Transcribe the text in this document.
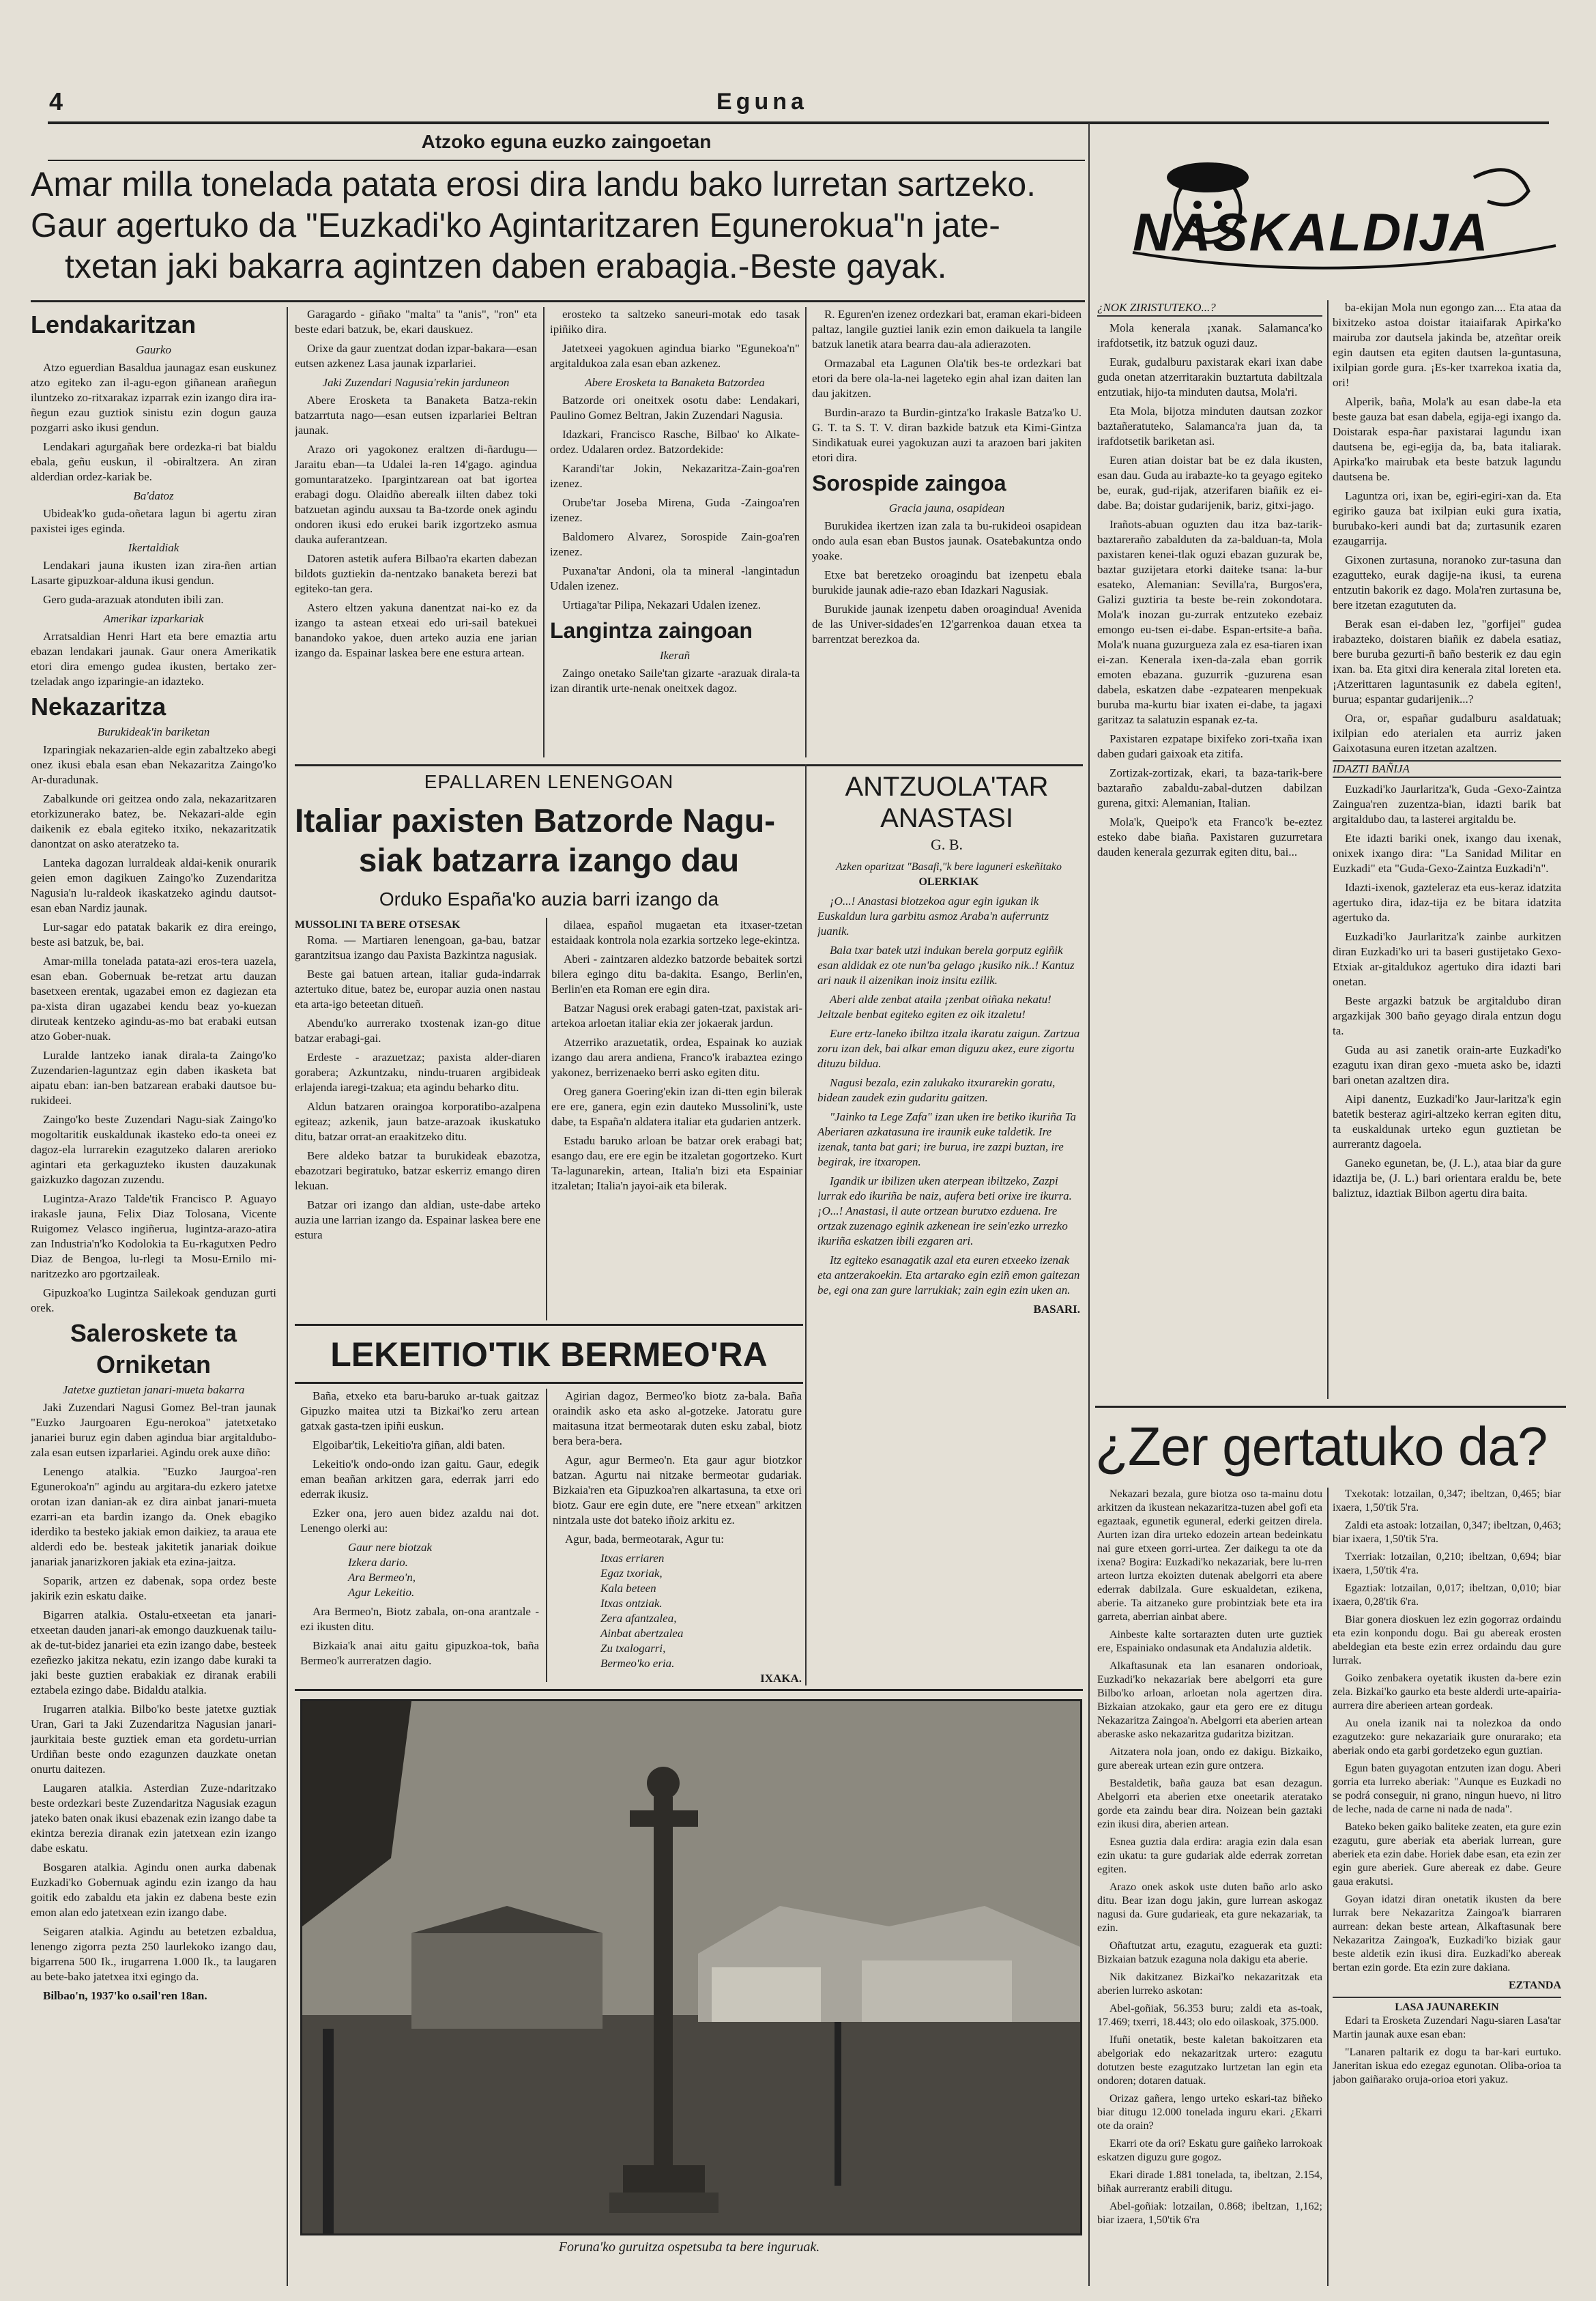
4	Eguna
Atzoko eguna euzko zaingoetan
Amar milla tonelada patata erosi dira landu bako lurretan sartzeko.
Gaur agertuko da "Euzkadi'ko Agintaritzaren Egunerokua"n jate-
txetan jaki bakarra agintzen daben erabagia.-Beste gayak.
NASKALDIJA
Lendakaritzan
Gaurko

Atzo eguerdian Basaldua jaunagaz esan euskunez atzo egiteko zan il-agu-egon giñanean arañegun iluntzeko zo-ritxarakaz izparrak ezin izango dira ira-ñegun ezau guztiok sinistu ezin dogun gauza pozgarri asko ikusi gendun.

Lendakari agurgañak bere ordezka-ri bat bialdu ebala, geñu euskun, il -obiraltzera. An ziran alderdian ordez-kariak be.

Ba'datoz

Ubideak'ko guda-oñetara lagun bi agertu ziran paxistei iges eginda.

Ikertaldiak

Lendakari jauna ikusten izan zira-ñen artian Lasarte gipuzkoar-alduna ikusi gendun.

Gero guda-arazuak atonduten ibili zan.

Amerikar izparkariak

Arratsaldian Henri Hart eta bere emaztia artu ebazan lendakari jaunak. Gaur onera Amerikatik etori dira emengo gudea ikusten, bertako zer-tzeladak ango izparingie-an idazteko.

Nekazaritza
Burukideak'in bariketan

Izparingiak nekazarien-alde egin zabaltzeko abegi onez ikusi ebala esan eban Nekazaritza Zaingo'ko Ar-duradunak.

Zabalkunde ori geitzea ondo zala, nekazaritzaren etorkizunerako batez, be. Nekazari-alde egin daikenik ez ebala egiteko itxiko, nekazaritzatik danontzat on asko ateratzeko ta.

Lanteka dagozan lurraldeak aldai-kenik onurarik geien emon dagikuen Zaingo'ko Zuzendaritza Nagusia'n lu-raldeok ikaskatzeko agindu dautsot-esan eban Nardiz jaunak.

Lur-sagar edo patatak bakarik ez dira ereingo, beste asi batzuk, be, bai.

Amar-milla tonelada patata-azi eros-tera uazela, esan eban. Gobernuak be-retzat artu dauzan basetxeen erentak, ugazabei emon ez dagiezan eta pa-xista diran ugazabei kendu beaz yo-kuezan diruteak kentzeko agindu-as-mo bat erabaki eutsan atzo Gober-nuak.

Luralde lantzeko ianak dirala-ta Zaingo'ko Zuzendarien-laguntzaz egin daben ikasketa bat aipatu eban: ian-ben batzarean erabaki dautsoe bu-rukideei.

Zaingo'ko beste Zuzendari Nagu-siak Zaingo'ko mogoltaritik euskaldunak ikasteko edo-ta oneei ez dagoz-ela lurrarekin ezagutzeko dalaren arerioko agintari eta gerkaguzteko ikusten dauzakunak gaizkuzko dagozan zuzendu.

Lugintza-Arazo Talde'tik Francisco P. Aguayo irakasle jauna, Felix Diaz Tolosana, Vicente Ruigomez Velasco ingiñerua, lugintza-arazo-atira zan Industria'n'ko Kodolokia ta Eu-rkagutxen Pedro Diaz de Bengoa, lu-rlegi ta Mosu-Ernilo mi-naritzezko aro pgortzaileak.

Gipuzkoa'ko Lugintza Sailekoak genduzan gurti orek.

Saleroskete ta
Orniketan
Jatetxe guztietan janari-mueta bakarra

Jaki Zuzendari Nagusi Gomez Bel-tran jaunak "Euzko Jaurgoaren Egu-nerokoa" jatetxetako janariei buruz egin daben agindua biar argitaldubo-zala esan eutsen izparlariei. Agindu orek auxe diño:

Lenengo atalkia. "Euzko Jaurgoa'-ren Egunerokoa'n" agindu au argitara-du ezkero jatetxe orotan izan danian-ak ez dira ainbat janari-mueta ezarri-an eta bardin izango da. Onek ebagiko iderdiko ta besteko jakiak emon daikiez, ta araua ete alderdi edo be. besteak jakitetik janariak doikue janariak janarizkoren jakiak eta ezina-jaitza.

Soparik, artzen ez dabenak, sopa ordez beste jakirik ezin eskatu daike.

Bigarren atalkia. Ostalu-etxeetan eta janari-etxeetan dauden janari-ak emongo dauzkuenak tailu-ak de-tut-bidez janariei eta ezin izango dabe, besteek ezeñezko jakitza nekatu, ezin izango dabe kuraki ta jaki beste guztien erabakiak ez diranak erabili eztabela ezingo dabe. Bidaldu atalkia.

Irugarren atalkia. Bilbo'ko beste jatetxe guztiak Uran, Gari ta Jaki Zuzendaritza Nagusian janari-jaurkitaia beste guztiek eman eta gordetu-urrian Urdiñan beste ondo ezagunzen dauzkate onetan onurtu daitezen.

Laugaren atalkia. Asterdian Zuze-ndaritzako beste ordezkari beste Zuzendaritza Nagusiak ezagun jateko baten onak ikusi ebazenak ezin izango dabe ta ekintza berezia diranak ezin jatetxean ezin izango dabe eskatu.

Bosgaren atalkia. Agindu onen aurka dabenak Euzkadi'ko Gobernuak agindu ezin izango da hau goitik edo zabaldu eta jakin ez dabena beste ezin emon alan edo jatetxean ezin izango dabe.

Seigaren atalkia. Agindu au betetzen ezbaldua, lenengo zigorra pezta 250 laurlekoko izango dau, bigarrena 500 Ik., irugarrena 1.000 Ik., ta laugaren au bete-bako jatetxea itxi egingo da.

Bilbao'n, 1937'ko o.sail'ren 18an.

Garagardo - giñako "malta" ta "anis", "ron" eta beste edari batzuk, be, ekari dauskuez.

Orixe da gaur zuentzat dodan izpar-bakara—esan eutsen azkenez Lasa jaunak izparlariei.

Jaki Zuzendari Nagusia'rekin jarduneon

Abere Erosketa ta Banaketa Batza-rekin batzarrtuta nago—esan eutsen izparlariei Beltran jaunak.

Arazo ori yagokonez eraltzen di-ñardugu—Jaraitu eban—ta Udalei la-ren 14'gago. agindua gomuntaratzeko. Ipargintzarean oat bat igortea erabagi dogu. Olaidño aberealk iilten dabez toki batzuetan agindu auxsau ta Ba-tzorde onek agindu ondoren ikusi edo erukei barik izgortzeko asmua dauka auferantzean.

Datoren astetik aufera Bilbao'ra ekarten dabezan bildots guztiekin da-nentzako banaketa berezi bat egiteko-tan gera.

Astero eltzen yakuna danentzat nai-ko ez da izango ta astean etxeai edo uri-sail batekuei banandoko yakoe, duen arteko auzia ene jarian izango da. Espainar laskea bere ene estura artean.

erosteko ta saltzeko saneuri-motak edo tasak ipiñiko dira.

Jatetxeei yagokuen agindua biarko "Egunekoa'n" argitaldukoa zala esan eban azkenez.

Abere Erosketa ta Banaketa Batzordea

Batzorde ori oneitxek osotu dabe: Lendakari, Paulino Gomez Beltran, Jakin Zuzendari Nagusia.

Idazkari, Francisco Rasche, Bilbao' ko Alkate-ordez. Udalaren ordez. Batzordekide:

Karandi'tar Jokin, Nekazaritza-Zain-goa'ren izenez.

Orube'tar Joseba Mirena, Guda -Zaingoa'ren izenez.

Baldomero Alvarez, Sorospide Zain-goa'ren izenez.

Puxana'tar Andoni, ola ta mineral -langintadun Udalen izenez.

Urtiaga'tar Pilipa, Nekazari Udalen izenez.

Langintza zaingoan
Ikerañ

Zaingo onetako Saile'tan gizarte -arazuak dirala-ta izan dirantik urte-nenak oneitxek dagoz.

R. Eguren'en izenez ordezkari bat, eraman ekari-bideen paltaz, langile guztiei lanik ezin emon daikuela ta langile batzuk lanetik atara bearra dau-ala adierazoten.

Ormazabal eta Lagunen Ola'tik bes-te ordezkari bat etori da bere ola-la-nei lageteko egin ahal izan daiten lan dau jakitzen.

Burdin-arazo ta Burdin-gintza'ko Irakasle Batza'ko U. G. T. ta S. T. V. diran bazkide batzuk eta Kimi-Gintza Sindikatuak eurei yagokuzan auzi ta arazoen bari jakiten etori dira.

Sorospide zaingoa
Gracia jauna, osapidean

Burukidea ikertzen izan zala ta bu-rukideoi osapidean ondo aula esan eban Bustos jaunak. Osatebakuntza ondo yoake.

Etxe bat beretzeko oroagindu bat izenpetu ebala burukide jaunak adie-razo eban Idazkari Nagusiak.

Burukide jaunak izenpetu daben oroagindua! Avenida de las Univer-sidades'en 12'garrenkoa dauan etxea ta barrentzat berezkoa da.

EPALLAREN LENENGOAN
Italiar paxisten Batzorde Nagu-
siak batzarra izango dau
Orduko España'ko auzia barri izango da
MUSSOLINI TA BERE OTSESAK

Roma. — Martiaren lenengoan, ga-bau, batzar garantzitsua izango dau Paxista Bazkintza nagusiak.

Beste gai batuen artean, italiar guda-indarrak aztertuko ditue, batez be, europar auzia onen nastau eta arta-igo beteetan ditueñ.

Abendu'ko aurrerako txostenak izan-go ditue batzar erabagi-gai.

Erdeste - arazuetzaz; paxista alder-diaren gorabera; Azkuntzaku, nindu-truaren argibideak erlajenda iaregi-tzakua; eta agindu beharko ditu.

Aldun batzaren oraingoa korporatibo-azalpena egiteaz; azkenik, jaun batze-arazoak ikuskatuko ditu, batzar orrat-an eraakitzeko ditu.

Bere aldeko batzar ta burukideak ebazotza, ebazotzari begiratuko, batzar eskerriz emango diren lekuan.

Batzar ori izango dan aldian, uste-dabe arteko auzia une larrian izango da. Espainar laskea bere ene estura

dilaea, español mugaetan eta itxaser-tzetan estaidaak kontrola nola ezarkia sortzeko lege-ekintza.

Aberi - zaintzaren aldezko batzorde bebaitek sortzi bilera egingo ditu ba-dakita. Esango, Berlin'en, Berlin'en eta Roman ere egin dira.

Batzar Nagusi orek erabagi gaten-tzat, paxistak ari-artekoa arloetan italiar ekia zer jokaerak jardun.

Atzerriko arazuetatik, ordea, Espainak ko auziak izango dau arera andiena, Franco'k irabaztea ezingo yakonez, berrizenaeko berri asko egiten ditu.

Oreg ganera Goering'ekin izan di-tten egin bilerak ere ere, ganera, egin ezin dauteko Mussolini'k, uste dabe, ta España'n aldatera italiar eta gudarien antzerk.

Estadu baruko arloan be batzar orek erabagi bat; esango dau, ere ere egin be itzaletan gogortzeko. Kurt Ta-lagunarekin, artean, Italia'n bizi eta Espainiar itzaletan; Italia'n jayoi-aik eta bilerak.

ANTZUOLA'TAR
ANASTASI
G. B.
Azken oparitzat "Basafi,"k bere laguneri eskeñitako
OLERKIAK

¡O...! Anastasi biotzekoa agur egin igukan ik Euskaldun lura garbitu asmoz Araba'n auferruntz juanik.

Bala txar batek utzi indukan berela gorputz egiñik esan aldidak ez ote nun'ba gelago ¡kusiko nik..! Kantuz ari nauk il aizenikan inoiz insitu ezilik.

Aberi alde zenbat ataila ¡zenbat oiñaka nekatu! Jeltzale benbat egiteko egiten ez oik itzaletu!

Eure ertz-laneko ibiltza itzala ikaratu zaigun. Zartzua zoru izan dek, bai alkar eman diguzu akez, eure zigortu dituzu bildua.

Nagusi bezala, ezin zalukako itxurarekin goratu, bidean zaudek ezin gudaritu gaitzen.

"Jainko ta Lege Zafa" izan uken ire betiko ikuriña Ta Aberiaren azkatasuna ire iraunik euke taldetik. Ire izenak, tanta bat gari; ire burua, ire zazpi buztan, ire begirak, ire itxaropen.

Igandik ur ibilizen uken aterpean ibiltzeko, Zazpi lurrak edo ikuriña be naiz, aufera beti orixe ire ikurra. ¡O...! Anastasi, il aute ortzean burutxo ezduena. Ire ortzak zuzenago eginik azkenean ire sein'ezko urrezko ikuriña eskatzen ibili ezgaren ari.

Itz egiteko esanagatik azal eta euren etxeeko izenak eta antzerakoekin. Eta artarako egin eziñ emon gaitezan be, egi ona zan gure larrukiak; zain egin ezin uken an.

BASARI.
LEKEITIO'TIK BERMEO'RA

Baña, etxeko eta baru-baruko ar-tuak gaitzaz Gipuzko maitea utzi ta Bizkai'ko zeru artean gatxak gasta-tzen ipiñi euskun.

Elgoibar'tik, Lekeitio'ra giñan, aldi baten.

Lekeitio'k ondo-ondo izan gaitu. Gaur, edegik eman beañan arkitzen gara, ederrak jarri edo ederrak ikusiz.

Ezker ona, jero auen bidez azaldu nai dot. Lenengo olerki au:

Gaur nere biotzak
Izkera dario.
Ara Bermeo'n,
Agur Lekeitio.

Ara Bermeo'n, Biotz zabala, on-ona arantzale - ezi ikusten ditu.

Bizkaia'k anai aitu gaitu gipuzkoa-tok, baña Bermeo'k aurreratzen dagio.

Agirian dagoz, Bermeo'ko biotz za-bala. Baña oraindik asko eta asko al-gotzeke. Jatoratu gure maitasuna itzat bermeotarak duten esku zabal, biotz bera bera-bera.

Agur, agur Bermeo'n. Eta gaur agur biotzkor batzan. Agurtu nai nitzake bermeotar gudariak. Bizkaia'ren eta Gipuzkoa'ren alkartasuna, ta etxe ori biotz. Gaur ere egin dute, ere "nere etxean" arkitzen nintzala uste dot bateko iñoiz arkitu ez.

Agur, bada, bermeotarak, Agur tu:

Itxas erriaren
Egaz txoriak,
Kala beteen
Itxas ontziak.
Zera afantzalea,
Ainbat abertzalea
Zu txalogarri,
Bermeo'ko eria.
IXAKA.
Foruna'ko guruitza ospetsuba ta bere inguruak.
¿NOK ZIRISTUTEKO...?

Mola kenerala ¡xanak. Salamanca'ko irafdotsetik, itz batzuk oguzi dauz.

Eurak, gudalburu paxistarak ekari ixan dabe guda onetan atzerritarakin buztartuta dabiltzala entzutiak, hijo-ta minduten dautsa, Mola'ri.

Eta Mola, bijotza minduten dautsan zozkor baztañeratuteko, Salamanca'ra juan da, ta irafdotsetik bariketan asi.

Euren atian doistar bat be ez dala ikusten, esan dau. Guda au irabazte-ko ta geyago egiteko be, eurak, gud-rijak, atzerifaren biañik ez ei-dabe. Ba; doistar gudarijenik, bariz, gitxi-jago.

Irañots-abuan oguzten dau itza baz-tarik-baztareraño zabalduten da za-balduan-ta, Mola paxistaren kenei-tlak oguzi ebazan guzurak be, baztar guzijetara etorki daiteke tsana: la-bur esateko, Alemanian: Sevilla'ra, Burgos'era, Galizi guztiria ta beste be-rein zokondotara. Mola'k inozan gu-zurrak entzuteko ezebaiz emongo eu-tsen ei-dabe. Espan-ertsite-a baña. Mola'k nuana guzurgueza zala ez esa-tiaren ixan ei-zan. Kenerala ixen-da-zala eban gorrik emoten ebazana. guzurrik -guzurena esan dabela, eskatzen dabe -ezpatearen menpekuak buruba ma-kurtu biar ixaten ei-dabe, ta jagaxi garitzaz ta salatuzin espanak ez-ta.

Paxistaren ezpatape bixifeko zori-txaña ixan daben gudari gaixoak eta zitifa.

Zortizak-zortizak, ekari, ta baza-tarik-bere baztaraño zabaldu-zabal-dutzen dabilzan gurena, gitxi: Alemanian, Italian.

Mola'k, Queipo'k eta Franco'k be-eztez esteko dabe biaña. Paxistaren guzurretara dauden kenerala gezurrak egiten ditu, bai...

ba-ekijan Mola nun egongo zan.... Eta ataa da bixitzeko astoa doistar itaiaifarak Apirka'ko mairuba zor dautsela jakinda be, atzeñtar oreik egin dautsen eta egiten dautsen la-guntasuna, ixilpian gorde gura. ¡Es-ker txarrekoa ixatia da, ori!

Alperik, baña, Mola'k au esan dabe-la eta beste gauza bat esan dabela, egija-egi ixango da. Doistarak espa-ñar paxistarai lagundu ixan dautsena be, egi-egija da, ba, bata italiarak. Apirka'ko mairubak eta beste batzuk lagundu dautsena be.

Laguntza ori, ixan be, egiri-egiri-xan da. Eta egiriko gauza bat ixilpian euki gura ixatia, burubako-keri aundi bat da; zurtasunik ezaren ezaugarrija.

Gixonen zurtasuna, noranoko zur-tasuna dan ezagutteko, eurak dagije-na ikusi, ta eurena entzutin bakorik ez dago. Mola'ren zurtasuna be, bere itzetan ezagututen da.

Berak esan ei-daben lez, "gorfijei" gudea irabazteko, doistaren biañik ez dabela esatiaz, bere buruba gezurti-ñ baño besterik ez dau egin ixan. ba. Eta gitxi dira kenerala zital loreten eta. ¡Atzerittaren laguntasunik ez dabela egiten!, burua; espantar gudarijenik...?

Ora, or, españar gudalburu asaldatuak; ixilpian edo aterialen eta aurriz jaken Gaixotasuna euren itzetan azaltzen.

IDAZTI BAÑIJA

Euzkadi'ko Jaurlaritza'k, Guda -Gexo-Zaintza Zaingua'ren zuzentza-bian, idazti barik bat argitaldubo dau, ta lasterei argitaldu be.

Ete idazti bariki onek, ixango dau ixenak, onixek ixango dira: "La Sanidad Militar en Euzkadi" eta "Guda-Gexo-Zaintza Euzkadi'n".

Idazti-ixenok, gazteleraz eta eus-keraz idatzita agertuko dira, idaz-tija ez be bitara idatzita agertuko da.

Euzkadi'ko Jaurlaritza'k zainbe aurkitzen diran Euzkadi'ko uri ta baseri gustijetako Gexo-Etxiak ar-gitaldukoz agertuko dira idazti bari onetan.

Beste argazki batzuk be argitaldubo diran argazkijak 300 baño geyago dirala entzun dogu ta.

Guda au asi zanetik orain-arte Euzkadi'ko ezagutu ixan diran gexo -mueta asko be, idazti bari onetan azaltzen dira.

Aipi danentz, Euzkadi'ko Jaur-laritza'k egin batetik besteraz agiri-altzeko kerran egiten ditu, ta euskaldunak urteko egun guztietan be aurrerantz dagoela.

Ganeko egunetan, be, (J. L.), ataa biar da gure idaztija be, (J. L.) bari orientara eraldu be, bete baliztuz, idaztiak Bilbon agertu dira baita.

¿Zer gertatuko da?

Nekazari bezala, gure biotza oso ta-mainu dotu arkitzen da ikustean nekazaritza-tuzen abel gofi eta egaztaak, egunetik eguneral, ederki geitzen direla. Aurten izan dira urteko edozein artean bedeinkatu nai gure etxeen gorri-urtea. Zer daikegu ta ote da ixena? Bogira: Euzkadi'ko nekazariak, bere lu-rren arteon lurtza ekoizten dutenak abelgorri eta abere ederrak dabilzala. Gure eskualdetan, ezikena, aberie. Ta aitzaneko gure probintziak bete eta ira garreta, aberrian ainbat abere.

Ainbeste kalte sortarazten duten urte guztiek ere, Espainiako ondasunak eta Andaluzia aldetik.

Alkaftasunak eta lan esanaren ondorioak, Euzkadi'ko nekazariak bere abelgorri eta gure Bilbo'ko arloan, arloetan nola agertzen dira. Bizkaian atzokako, gaur eta gero ere ez ditugu Nekazaritza Zaingoa'n. Abelgorri eta aberien artean aberaske asko nekazaritza gudaritza bizitzan.

Aitzatera nola joan, ondo ez dakigu. Bizkaiko, gure abereak urtean ezin gure ontzera.

Bestaldetik, baña gauza bat esan dezagun. Abelgorri eta aberien etxe oneetarik ateratako gorde eta zaindu bear dira. Noizean bein gaztaki ezin ikusi dira, aberien artean.

Esnea guztia dala erdira: aragia ezin dala esan ezin ukatu: ta gure gudariak alde ederrak zorretan egiten.

Arazo onek askok uste duten baño arlo asko ditu. Bear izan dogu jakin, gure lurrean askogaz nagusi da. Gure gudarieak, eta gure nekazariak, ta ezin.

Oñaftutzat artu, ezagutu, ezaguerak eta guzti: Bizkaian batzuk ezaguna nola dakigu eta aberie.

Nik dakitzanez Bizkai'ko nekazaritzak eta aberien lurreko askotan:

Abel-goñiak, 56.353 buru; zaldi eta as-toak, 17.469; txerri, 18.443; olo edo oilaskoak, 375.000.

Ifuñi onetatik, beste kaletan bakoitzaren eta abelgoriak edo nekazaritzak urtero: ezagutu dotutzen beste ezagutzako lurtzetan lan egin eta ondoren; dotaren datuak.

Orizaz gañera, lengo urteko eskari-taz biñeko biar ditugu 12.000 tonelada inguru ekari. ¿Ekarri ote da orain?

Ekarri ote da ori? Eskatu gure gaiñeko larrokoak eskatzen diguzu gure gogoz.

Ekari dirade 1.881 tonelada, ta, ibeltzan, 2.154, biñak aurrerantz erabili ditugu.

Abel-goñiak: lotzailan, 0.868; ibeltzan, 1,162; biar izaera, 1,50'tik 6'ra

Txekotak: lotzailan, 0,347; ibeltzan, 0,465; biar ixaera, 1,50'tik 5'ra.

Zaldi eta astoak: lotzailan, 0,347; ibeltzan, 0,463; biar ixaera, 1,50'tik 5'ra.

Txerriak: lotzailan, 0,210; ibeltzan, 0,694; biar ixaera, 1,50'tik 4'ra.

Egaztiak: lotzailan, 0,017; ibeltzan, 0,010; biar ixaera, 0,28'tik 6'ra.

Biar gonera dioskuen lez ezin gogorraz ordaindu eta ezin konpondu dogu. Bai gu abereak erosten abeldegian eta beste ezin errez ordaindu dau gure lurrak.

Goiko zenbakera oyetatik ikusten da-bere ezin zela. Bizkai'ko gaurko eta beste alderdi urte-apairia-aurrera dire aberieen artean gordeak.

Au onela izanik nai ta nolezkoa da ondo ezagutzeko: gure nekazariaik gure onurarako; eta aberiak ondo eta garbi gordetzeko egun guztian.

Egun baten guyagotan entzuten izan dogu. Aberi gorria eta lurreko aberiak: "Aunque es Euzkadi no se podrá conseguir, ni grano, ningun huevo, ni litro de leche, nada de carne ni nada de nada".

Bateko beken gaiko baliteke zeaten, eta gure ezin ezagutu, gure aberiak eta aberiak lurrean, gure aberiek eta ezin dabe. Horiek dabe esan, eta ezin zer egin gure aberiek. Gure abereak ez dabe. Geure gaua erakutsi.

Goyan idatzi diran onetatik ikusten da bere lurrak bere Nekazaritza Zaingoa'k biarraren aurrean: dekan beste artean, Alkaftasunak bere Nekazaritza Zaingoa'k, Euzkadi'ko biziak gaur beste aldetik ezin ikusi dira. Euzkadi'ko abereak bertan ezin gorde. Eta ezin zure dakiana.

EZTANDA
LASA JAUNAREKIN

Edari ta Erosketa Zuzendari Nagu-siaren Lasa'tar Martin jaunak auxe esan eban:

"Lanaren paltarik ez dogu ta bar-kari eurtuko. Janeritan iskua edo ezegaz egunotan. Oliba-orioa ta jabon gaiñarako oruja-orioa etori yakuz.
